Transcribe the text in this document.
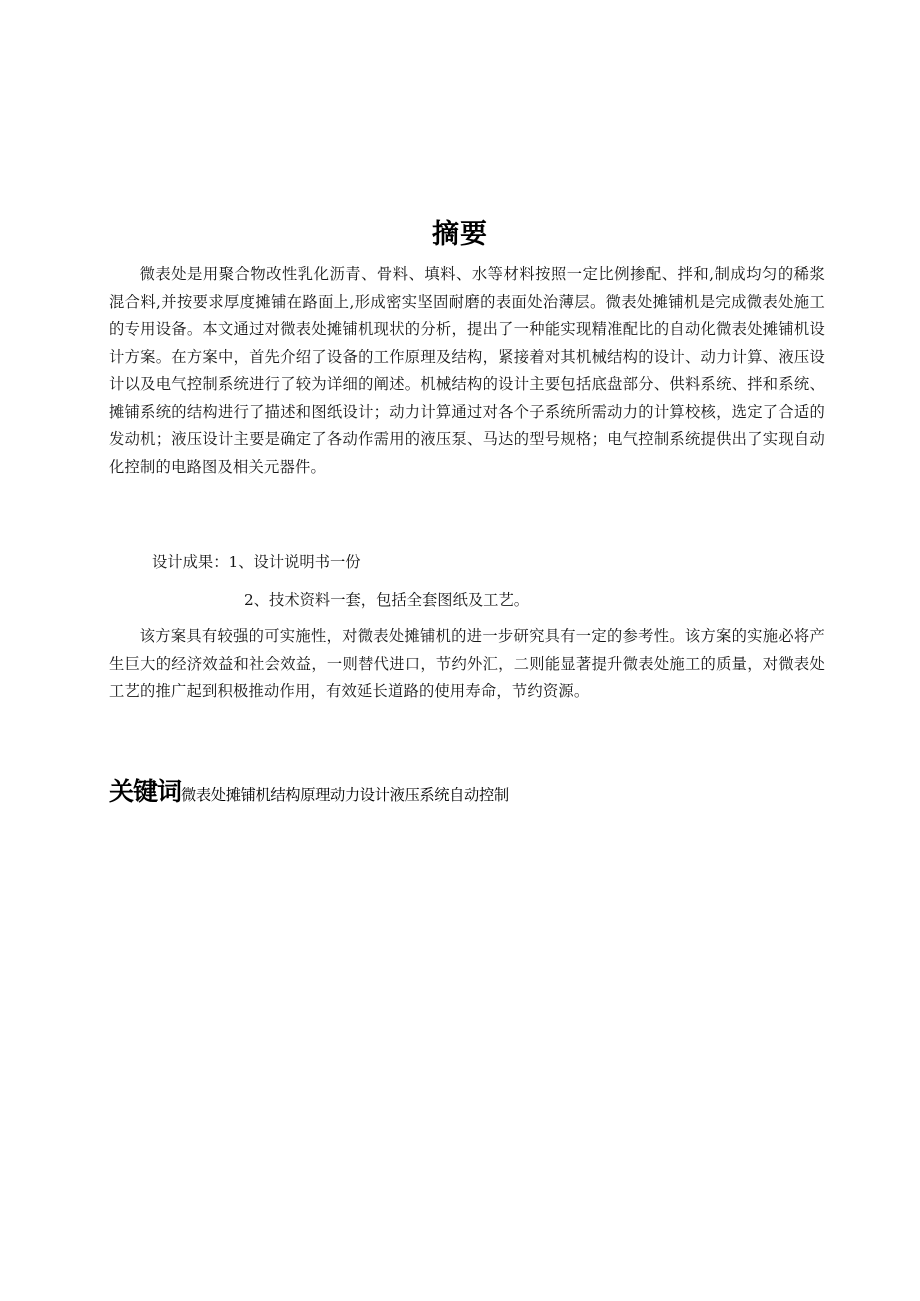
摘要
微表处是用聚合物改性乳化沥青、骨料、填料、水等材料按照一定比例掺配、拌和,制成均匀的稀浆混合料,并按要求厚度摊铺在路面上,形成密实坚固耐磨的表面处治薄层。微表处摊铺机是完成微表处施工的专用设备。本文通过对微表处摊铺机现状的分析，提出了一种能实现精准配比的自动化微表处摊铺机设计方案。在方案中，首先介绍了设备的工作原理及结构，紧接着对其机械结构的设计、动力计算、液压设计以及电气控制系统进行了较为详细的阐述。机械结构的设计主要包括底盘部分、供料系统、拌和系统、摊铺系统的结构进行了描述和图纸设计；动力计算通过对各个子系统所需动力的计算校核，选定了合适的发动机；液压设计主要是确定了各动作需用的液压泵、马达的型号规格；电气控制系统提供出了实现自动化控制的电路图及相关元器件。
设计成果：1、设计说明书一份
2、技术资料一套，包括全套图纸及工艺。
该方案具有较强的可实施性，对微表处摊铺机的进一步研究具有一定的参考性。该方案的实施必将产生巨大的经济效益和社会效益，一则替代进口，节约外汇，二则能显著提升微表处施工的质量，对微表处工艺的推广起到积极推动作用，有效延长道路的使用寿命，节约资源。
关键词微表处摊铺机结构原理动力设计液压系统自动控制
